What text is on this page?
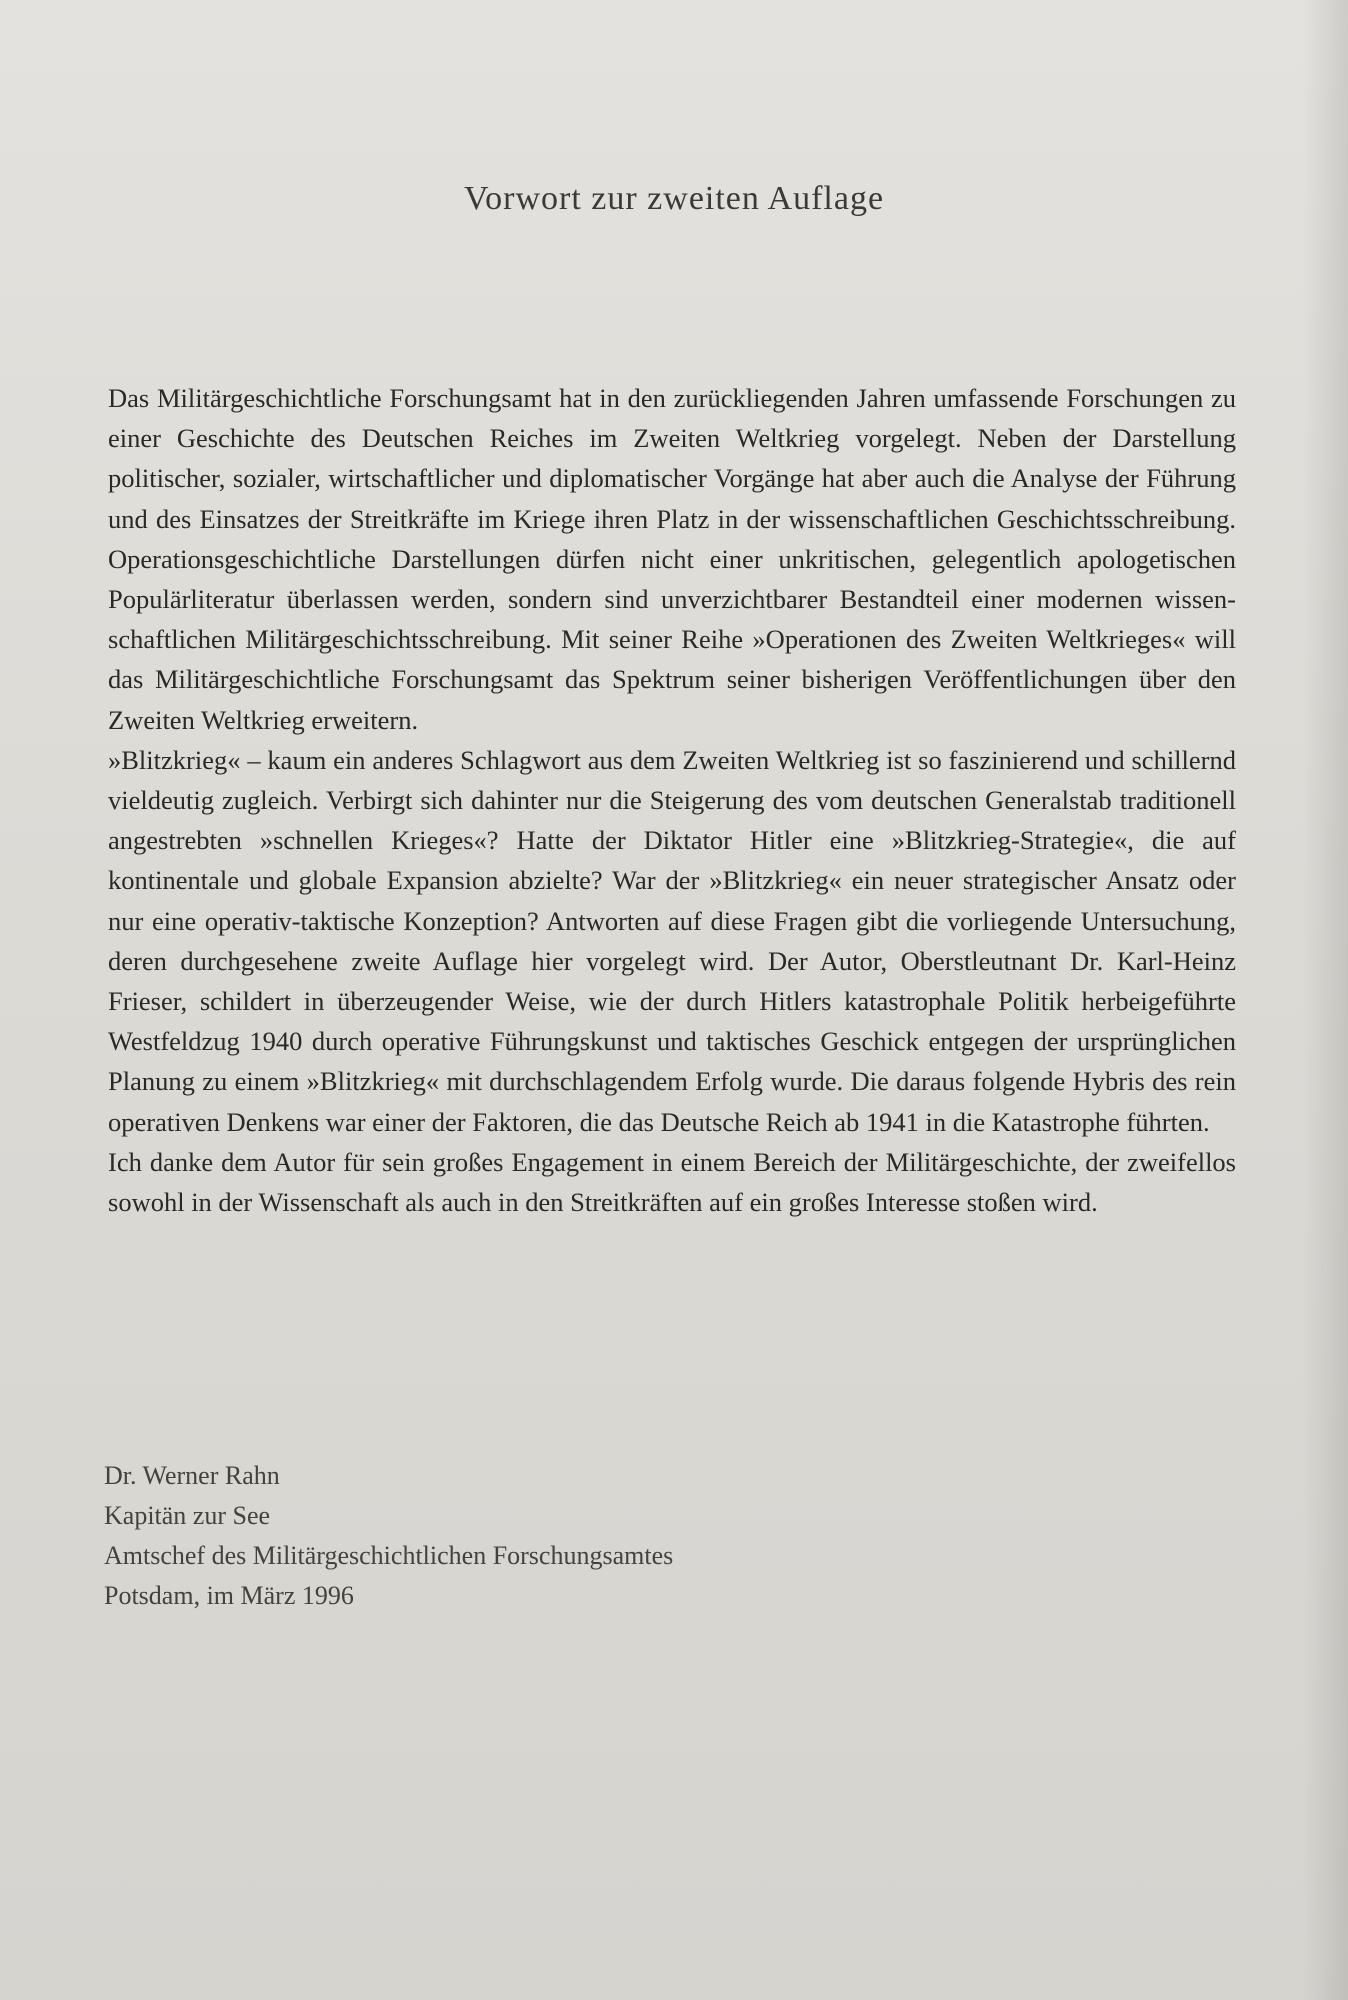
Vorwort zur zweiten Auflage

Das Militärgeschichtliche Forschungsamt hat in den zurückliegenden Jahren umfassende Forschungen zu einer Geschichte des Deutschen Reiches im Zweiten Weltkrieg vorgelegt. Neben der Darstellung politischer, sozialer, wirtschaftlicher und diplomatischer Vorgänge hat aber auch die Analyse der Führung und des Einsatzes der Streitkräfte im Kriege ihren Platz in der wissenschaftlichen Geschichtsschreibung. Operationsgeschichtliche Darstellungen dürfen nicht einer unkritischen, gelegentlich apologetischen Populärliteratur überlassen werden, sondern sind unverzichtbarer Bestandteil einer modernen wissenschaftlichen Militärgeschichtsschreibung. Mit seiner Reihe »Operationen des Zweiten Weltkrieges« will das Militärgeschichtliche Forschungsamt das Spektrum seiner bisherigen Veröffentlichungen über den Zweiten Weltkrieg erweitern.

»Blitzkrieg« – kaum ein anderes Schlagwort aus dem Zweiten Weltkrieg ist so faszinierend und schillernd vieldeutig zugleich. Verbirgt sich dahinter nur die Steigerung des vom deutschen Generalstab traditionell angestrebten »schnellen Krieges«? Hatte der Diktator Hitler eine »Blitzkrieg-Strategie«, die auf kontinentale und globale Expansion abzielte? War der »Blitzkrieg« ein neuer strategischer Ansatz oder nur eine operativ-taktische Konzeption? Antworten auf diese Fragen gibt die vorliegende Untersuchung, deren durchgesehene zweite Auflage hier vorgelegt wird. Der Autor, Oberstleutnant Dr. Karl-Heinz Frieser, schildert in überzeugender Weise, wie der durch Hitlers katastrophale Politik herbeigeführte Westfeldzug 1940 durch operative Führungskunst und taktisches Geschick entgegen der ursprünglichen Planung zu einem »Blitzkrieg« mit durchschlagendem Erfolg wurde. Die daraus folgende Hybris des rein operativen Denkens war einer der Faktoren, die das Deutsche Reich ab 1941 in die Katastrophe führten.

Ich danke dem Autor für sein großes Engagement in einem Bereich der Militärgeschichte, der zweifellos sowohl in der Wissenschaft als auch in den Streitkräften auf ein großes Interesse stoßen wird.

Dr. Werner Rahn
Kapitän zur See
Amtschef des Militärgeschichtlichen Forschungsamtes
Potsdam, im März 1996
